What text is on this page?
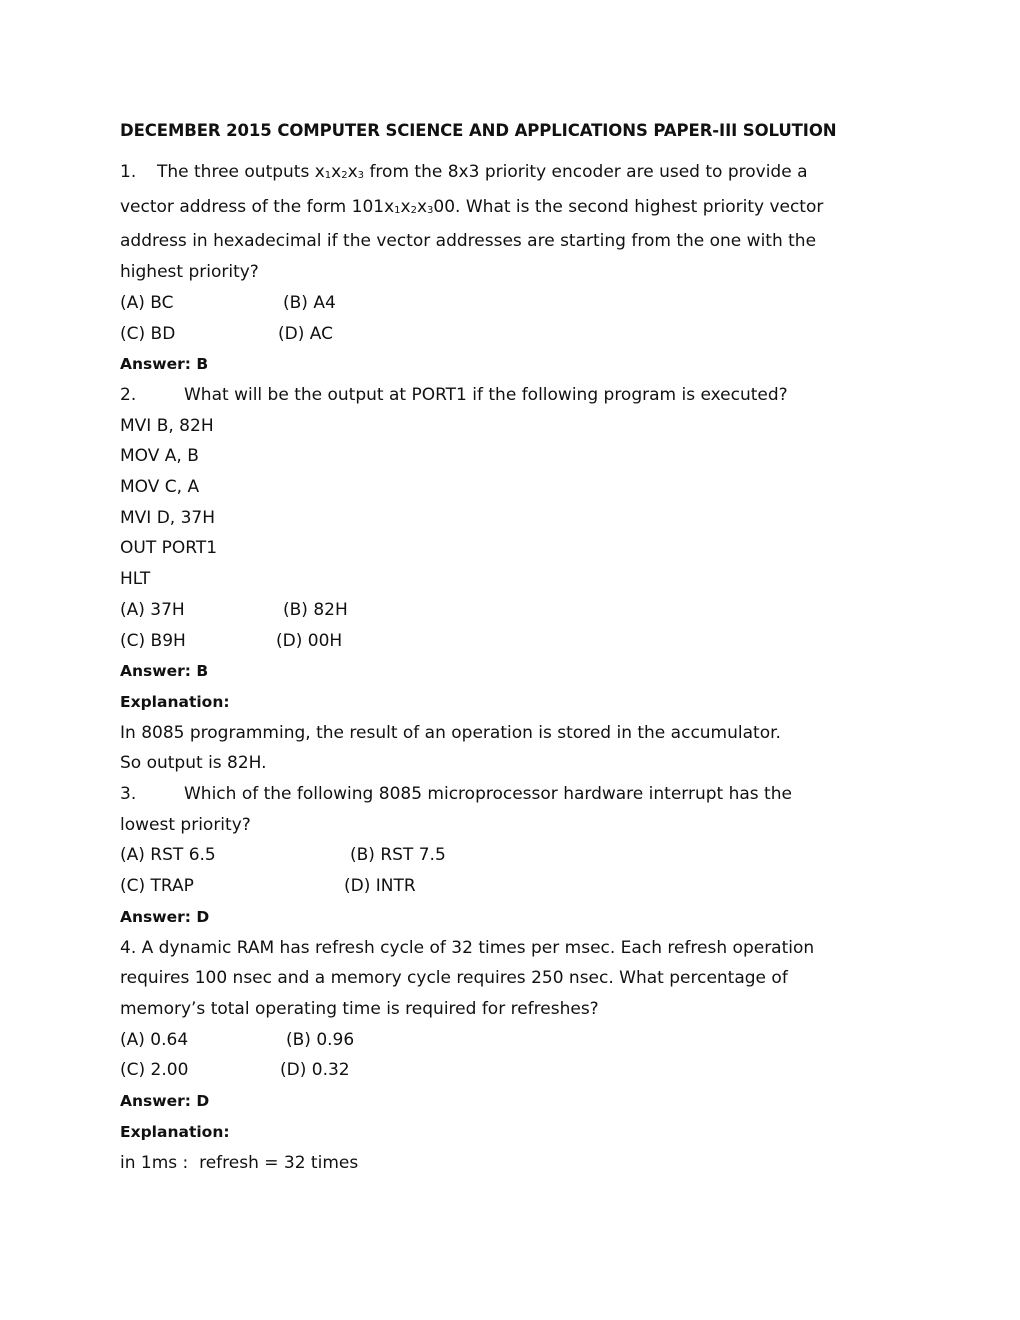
DECEMBER 2015 COMPUTER SCIENCE AND APPLICATIONS PAPER-III SOLUTION
1. The three outputs x1x2x3 from the 8x3 priority encoder are used to provide a
vector address of the form 101x1x2x300. What is the second highest priority vector
address in hexadecimal if the vector addresses are starting from the one with the
highest priority?
(A) BC	(B) A4
(C) BD	(D) AC
Answer: B
2.	What will be the output at PORT1 if the following program is executed?
MVI B, 82H
MOV A, B
MOV C, A
MVI D, 37H
OUT PORT1
HLT
(A) 37H	(B) 82H
(C) B9H	(D) 00H
Answer: B
Explanation:
In 8085 programming, the result of an operation is stored in the accumulator.
So output is 82H.
3.	Which of the following 8085 microprocessor hardware interrupt has the
lowest priority?
(A) RST 6.5	(B) RST 7.5
(C) TRAP	(D) INTR
Answer: D
4. A dynamic RAM has refresh cycle of 32 times per msec. Each refresh operation
requires 100 nsec and a memory cycle requires 250 nsec. What percentage of
memory’s total operating time is required for refreshes?
(A) 0.64	(B) 0.96
(C) 2.00	(D) 0.32
Answer: D
Explanation:
in 1ms :  refresh = 32 times
